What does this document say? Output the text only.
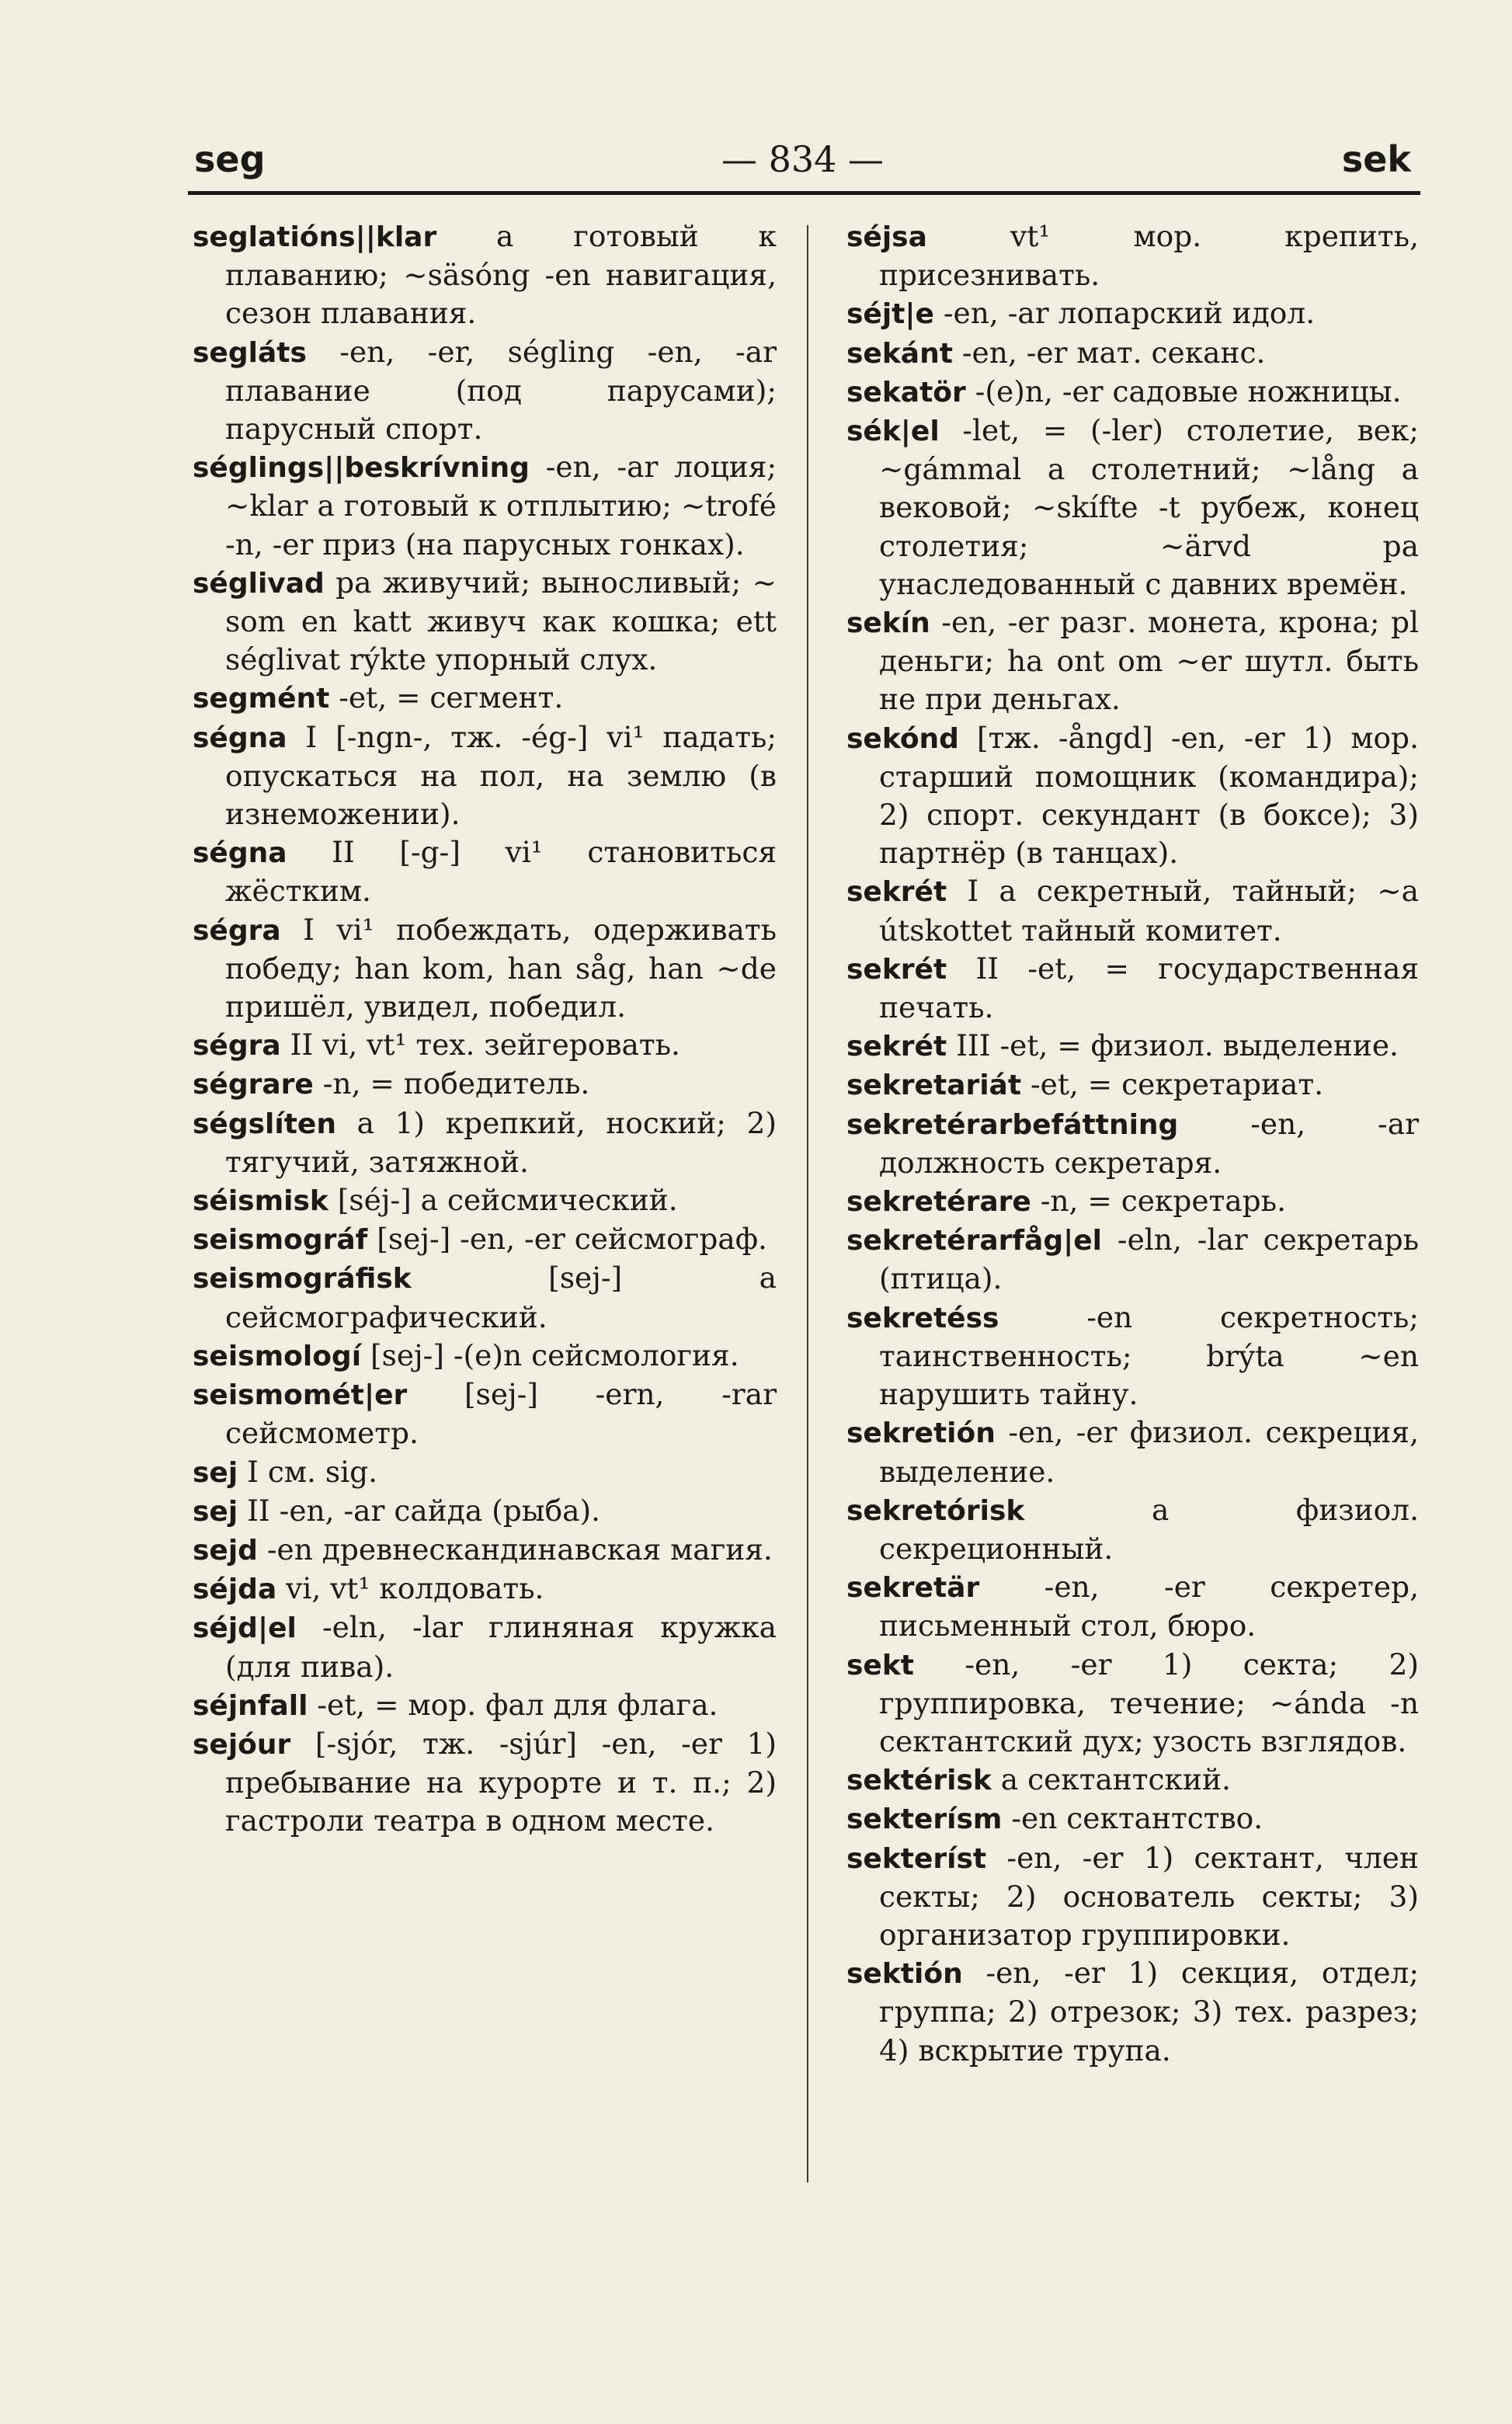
seg	— 834 —	sek

seglatións||klar a готовый к плаванию; ~säsóng -en навигация, сезон плавания.

segláts -en, -er, ségling -en, -ar плавание (под парусами); парусный спорт.

séglings||beskrívning -en, -ar лоция; ~klar a готовый к отплытию; ~trofé -n, -er приз (на парусных гонках).

séglivad pa живучий; выносливый; ~ som en katt живуч как кошка; ett séglivat rýkte упорный слух.

segmént -et, = сегмент.

ségna I [-ngn-, тж. -ég-] vi¹ падать; опускаться на пол, на землю (в изнеможении).

ségna II [-g-] vi¹ становиться жёстким.

ségra I vi¹ побеждать, одерживать победу; han kom, han såg, han ~de пришёл, увидел, победил.

ségra II vi, vt¹ тех. зейгеровать.

ségrare -n, = победитель.

ségslíten a 1) крепкий, ноский; 2) тягучий, затяжной.

séismisk [séj-] a сейсмический.

seismográf [sej-] -en, -er сейсмограф.

seismográfisk [sej-] a сейсмографический.

seismologí [sej-] -(e)n сейсмология.

seismomét|er [sej-] -ern, -rar сейсмометр.

sej I см. sig.

sej II -en, -ar сайда (рыба).

sejd -en древнескандинавская магия.

séjda vi, vt¹ колдовать.

séjd|el -eln, -lar глиняная кружка (для пива).

séjnfall -et, = мор. фал для флага.

sejóur [-sjór, тж. -sjúr] -en, -er 1) пребывание на курорте и т. п.; 2) гастроли театра в одном месте.

séjsa vt¹ мор. крепить, присезнивать.

séjt|e -en, -ar лопарский идол.

sekánt -en, -er мат. секанс.

sekatör -(e)n, -er садовые ножницы.

sék|el -let, = (-ler) столетие, век; ~gámmal a столетний; ~lång a вековой; ~skífte -t рубеж, конец столетия; ~ärvd pa унаследованный с давних времён.

sekín -en, -er разг. монета, крона; pl деньги; ha ont om ~er шутл. быть не при деньгах.

sekónd [тж. -ångd] -en, -er 1) мор. старший помощник (командира); 2) спорт. секундант (в боксе); 3) партнёр (в танцах).

sekrét I a секретный, тайный; ~a útskottet тайный комитет.

sekrét II -et, = государственная печать.

sekrét III -et, = физиол. выделение.

sekretariát -et, = секретариат.

sekretérarbefáttning -en, -ar должность секретаря.

sekretérare -n, = секретарь.

sekretérarfåg|el -eln, -lar секретарь (птица).

sekretéss -en секретность; таинственность; brýta ~en нарушить тайну.

sekretión -en, -er физиол. секреция, выделение.

sekretórisk a физиол. секреционный.

sekretär -en, -er секретер, письменный стол, бюро.

sekt -en, -er 1) секта; 2) группировка, течение; ~ánda -n сектантский дух; узость взглядов.

sektérisk a сектантский.

sekterísm -en сектантство.

sekteríst -en, -er 1) сектант, член секты; 2) основатель секты; 3) организатор группировки.

sektión -en, -er 1) секция, отдел; группа; 2) отрезок; 3) тех. разрез; 4) вскрытие трупа.
